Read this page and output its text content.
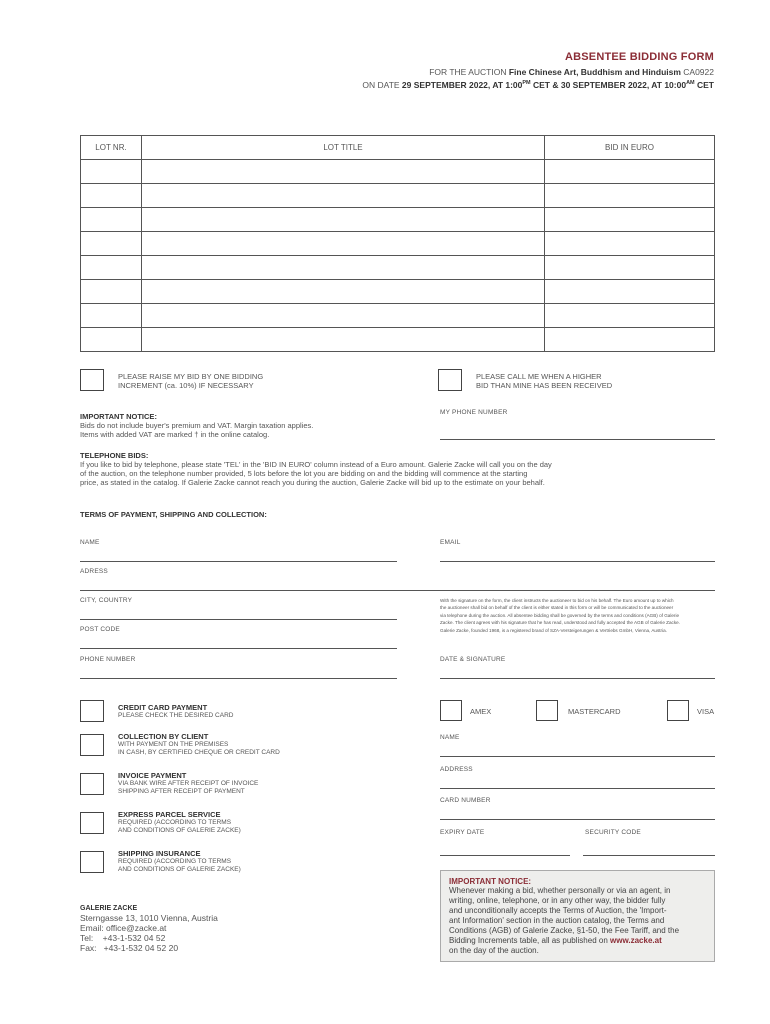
ABSENTEE BIDDING FORM
FOR THE AUCTION Fine Chinese Art, Buddhism and Hinduism CA0922
ON DATE 29 SEPTEMBER 2022, AT $1:00^{PM}$ CET & 30 SEPTEMBER 2022, AT $10:00^{AM}$ CET
LOT NR.	LOT TITLE	BID IN EURO

PLEASE RAISE MY BID BY ONE BIDDING
INCREMENT (ca. 10%) IF NECESSARY
PLEASE CALL ME WHEN A HIGHER
BID THAN MINE HAS BEEN RECEIVED
MY PHONE NUMBER
IMPORTANT NOTICE:
Bids do not include buyer's premium and VAT. Margin taxation applies.
Items with added VAT are marked † in the online catalog.
TELEPHONE BIDS:
If you like to bid by telephone, please state 'TEL' in the 'BID IN EURO' column instead of a Euro amount. Galerie Zacke will call you on the day
of the auction, on the telephone number provided, 5 lots before the lot you are bidding on and the bidding will commence at the starting
price, as stated in the catalog. If Galerie Zacke cannot reach you during the auction, Galerie Zacke will bid up to the estimate on your behalf.
TERMS OF PAYMENT, SHIPPING AND COLLECTION:
NAME	EMAIL
ADRESS
CITY, COUNTRY	With the signature on the form, the client instructs the auctioneer to bid on his behalf. The Euro amount up to which
the auctioneer shall bid on behalf of the client is either stated in this form or will be communicated to the auctioneer
via telephone during the auction. All absentee bidding shall be governed by the terms and conditions (AGB) of Galerie
Zacke. The client agrees with his signature that he has read, understood and fully accepted the AGB of Galerie Zacke.
Galerie Zacke, founded 1968, is a registered brand of SZA-Versteigerungen & Vertriebs GmbH, Vienna, Austria.
POST CODE
PHONE NUMBER	DATE & SIGNATURE
CREDIT CARD PAYMENT
PLEASE CHECK THE DESIRED CARD
COLLECTION BY CLIENT
WITH PAYMENT ON THE PREMISES
IN CASH, BY CERTIFIED CHEQUE OR CREDIT CARD
INVOICE PAYMENT
VIA BANK WIRE AFTER RECEIPT OF INVOICE
SHIPPING AFTER RECEIPT OF PAYMENT
EXPRESS PARCEL SERVICE
REQUIRED (ACCORDING TO TERMS
AND CONDITIONS OF GALERIE ZACKE)
SHIPPING INSURANCE
REQUIRED (ACCORDING TO TERMS
AND CONDITIONS OF GALERIE ZACKE)
AMEX	MASTERCARD	VISA
NAME
ADDRESS
CARD NUMBER
EXPIRY DATE	SECURITY CODE
GALERIE ZACKE
Sterngasse 13, 1010 Vienna, Austria
Email: office@zacke.at
Tel:    +43-1-532 04 52
Fax:   +43-1-532 04 52 20
IMPORTANT NOTICE:
Whenever making a bid, whether personally or via an agent, in
writing, online, telephone, or in any other way, the bidder fully
and unconditionally accepts the Terms of Auction, the 'Import-
ant Information' section in the auction catalog, the Terms and
Conditions (AGB) of Galerie Zacke, §1-50, the Fee Tariff, and the
Bidding Increments table, all as published on www.zacke.at
on the day of the auction.
